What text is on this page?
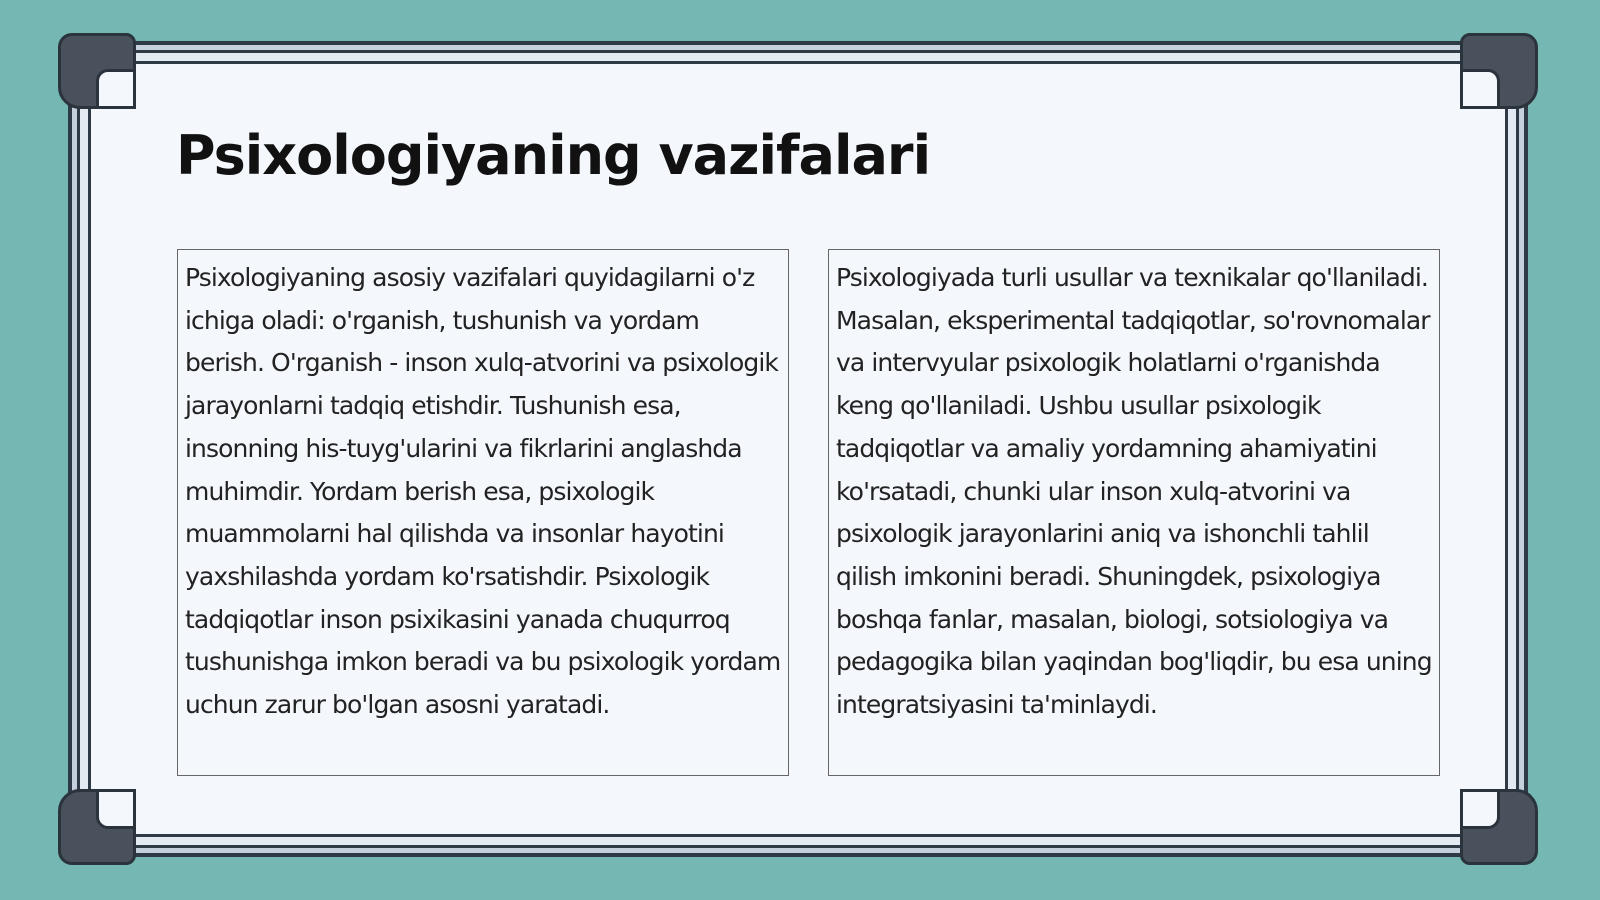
Psixologiyaning vazifalari

Psixologiyaning asosiy vazifalari quyidagilarni o'z ichiga oladi: o'rganish, tushunish va yordam berish. O'rganish - inson xulq-atvorini va psixologik jarayonlarni tadqiq etishdir. Tushunish esa, insonning his-tuyg'ularini va fikrlarini anglashda muhimdir. Yordam berish esa, psixologik muammolarni hal qilishda va insonlar hayotini yaxshilashda yordam ko'rsatishdir. Psixologik tadqiqotlar inson psixikasini yanada chuqurroq tushunishga imkon beradi va bu psixologik yordam uchun zarur bo'lgan asosni yaratadi.

Psixologiyada turli usullar va texnikalar qo'llaniladi. Masalan, eksperimental tadqiqotlar, so'rovnomalar va intervyular psixologik holatlarni o'rganishda keng qo'llaniladi. Ushbu usullar psixologik tadqiqotlar va amaliy yordamning ahamiyatini ko'rsatadi, chunki ular inson xulq-atvorini va psixologik jarayonlarini aniq va ishonchli tahlil qilish imkonini beradi. Shuningdek, psixologiya boshqa fanlar, masalan, biologi, sotsiologiya va pedagogika bilan yaqindan bog'liqdir, bu esa uning integratsiyasini ta'minlaydi.
